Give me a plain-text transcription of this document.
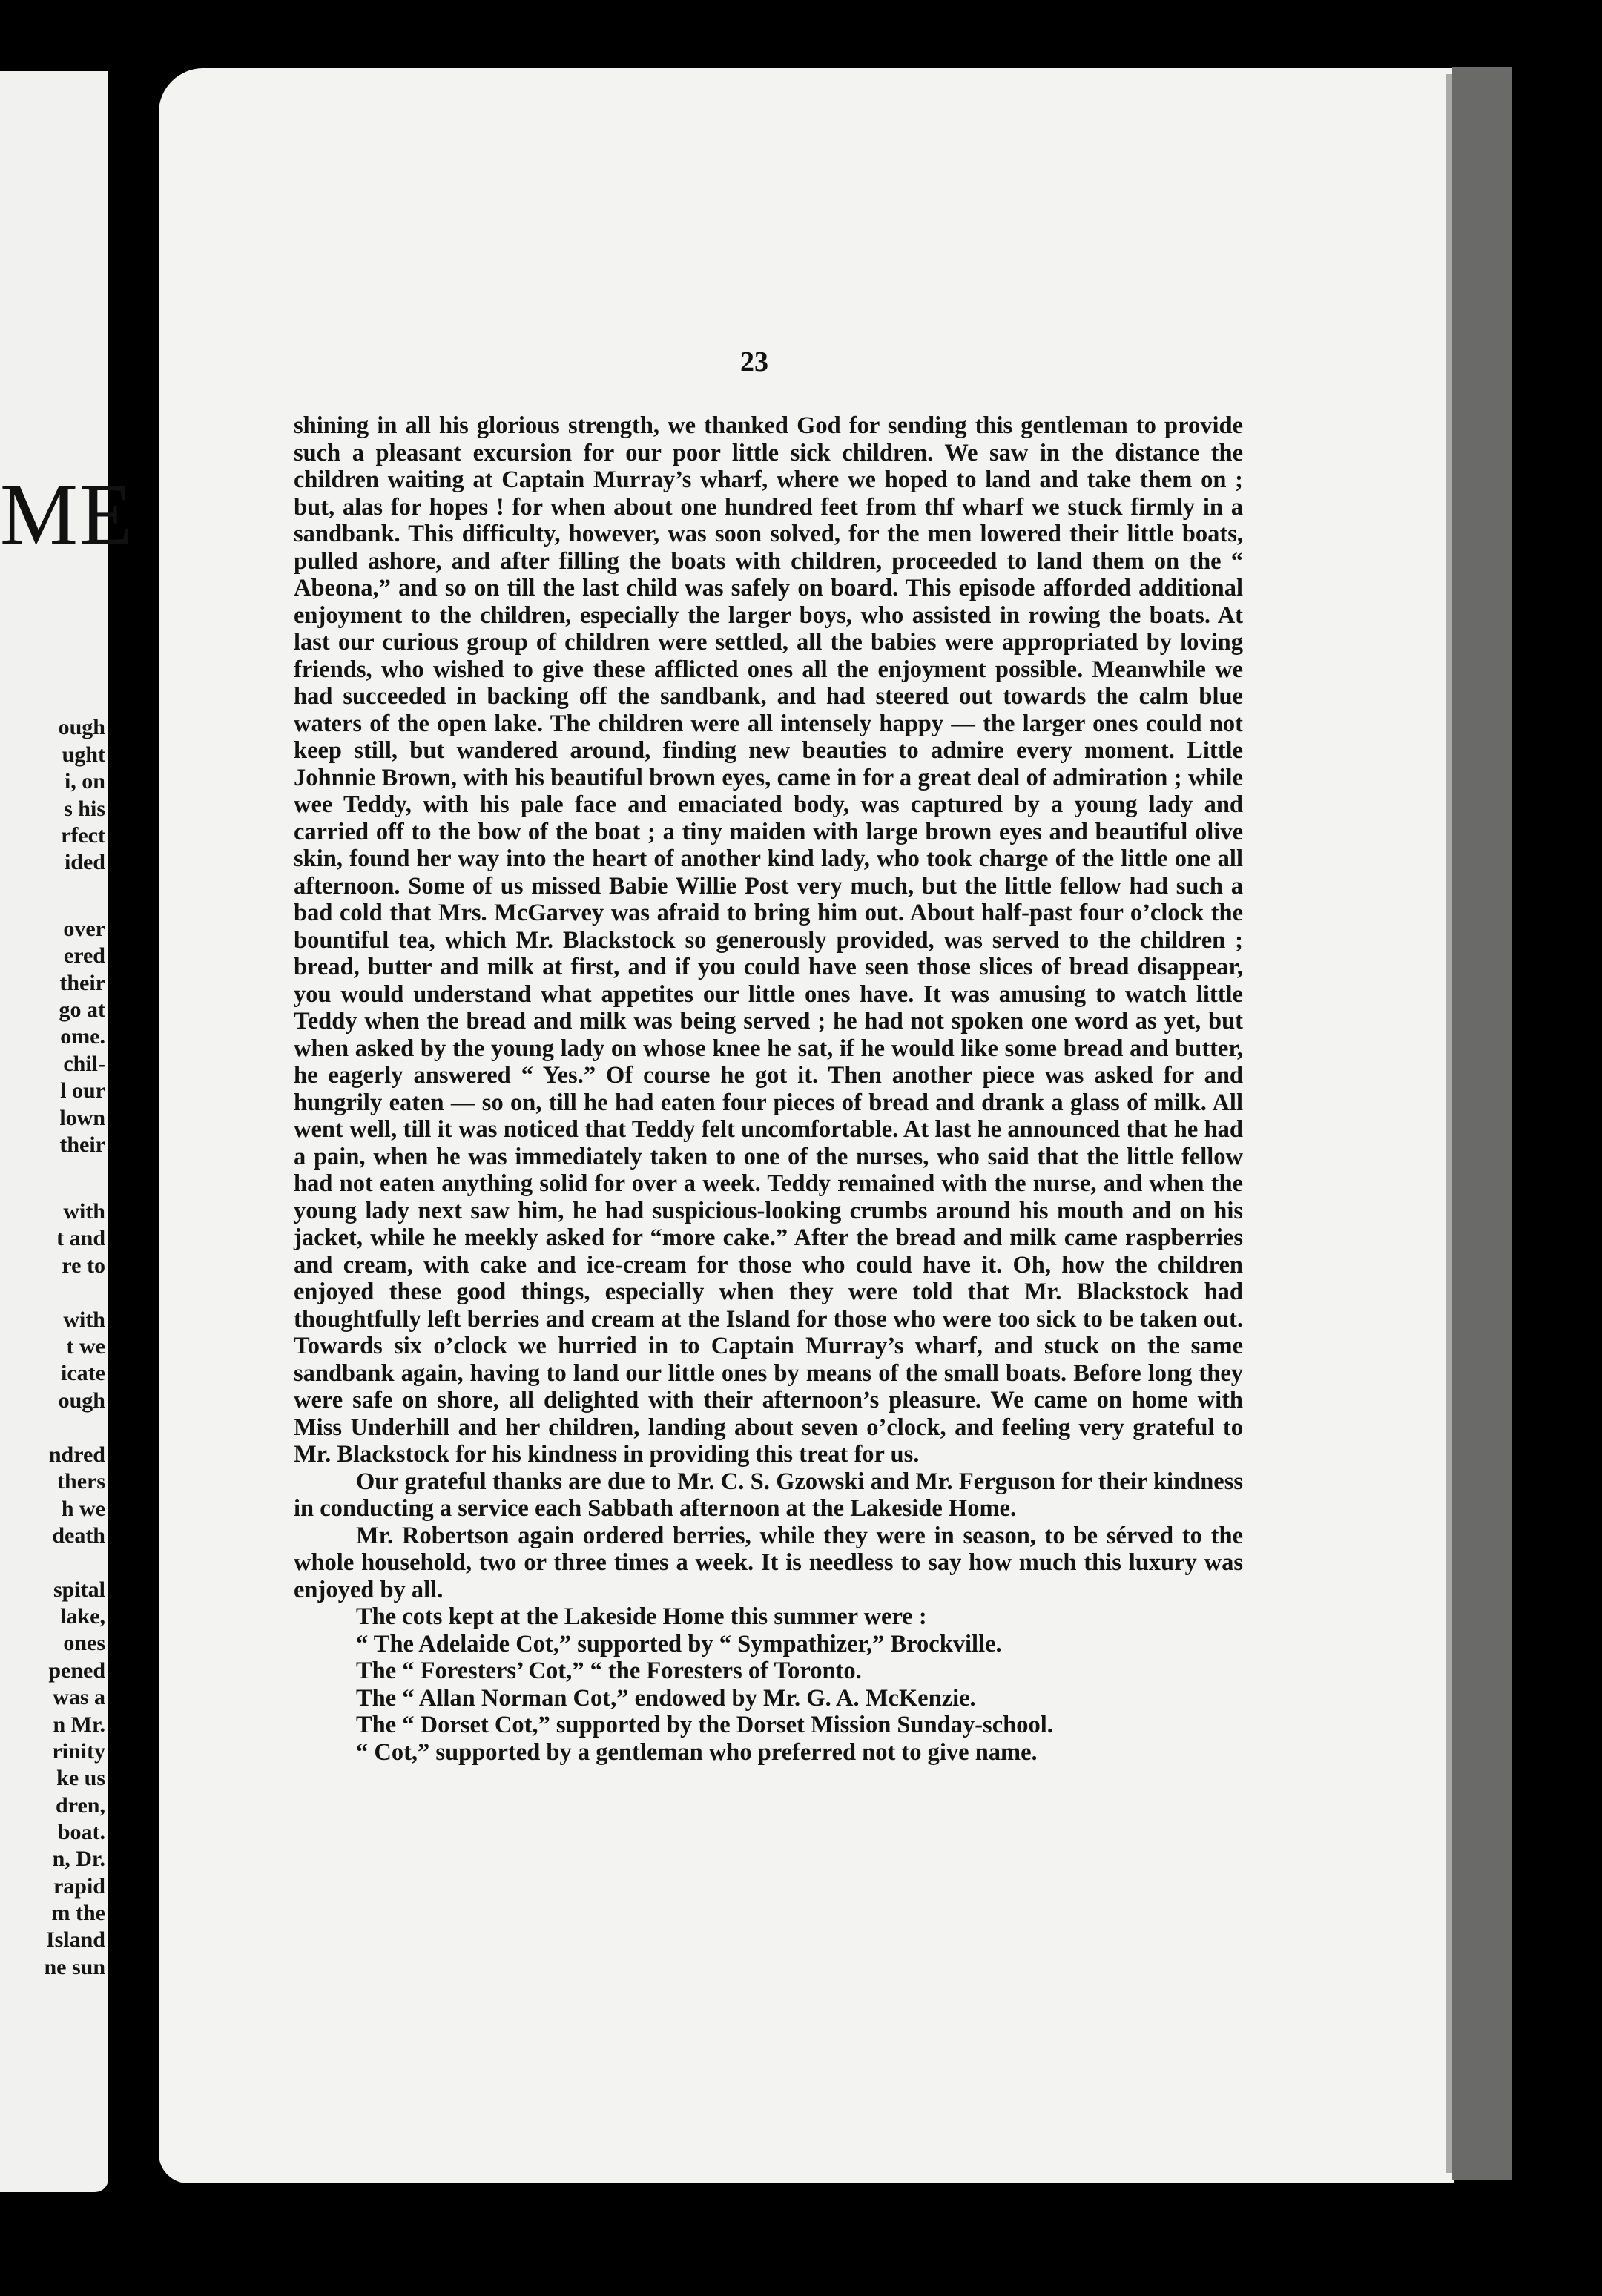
ME
ough
ught
i, on
s his
rfect
ided
over
ered
their
go at
ome.
chil-
l our
lown
their
with
t and
re to
with
t we
icate
ough
ndred
thers
h we
death
spital
lake,
ones
pened
was a
n Mr.
rinity
ke us
dren,
boat.
n, Dr.
rapid
m the
Island
ne sun
23

shining in all his glorious strength, we thanked God for sending this gentleman to provide such a pleasant excursion for our poor little sick children. We saw in the distance the children waiting at Captain Murray’s wharf, where we hoped to land and take them on ; but, alas for hopes ! for when about one hundred feet from thf wharf we stuck firmly in a sandbank. This difficulty, however, was soon solved, for the men lowered their little boats, pulled ashore, and after filling the boats with children, proceeded to land them on the “ Abeona,” and so on till the last child was safely on board. This episode afforded additional enjoyment to the children, especially the larger boys, who assisted in rowing the boats. At last our curious group of children were settled, all the babies were appropriated by loving friends, who wished to give these afflicted ones all the enjoyment possible. Meanwhile we had succeeded in backing off the sandbank, and had steered out towards the calm blue waters of the open lake. The children were all intensely happy — the larger ones could not keep still, but wandered around, finding new beauties to admire every moment. Little Johnnie Brown, with his beautiful brown eyes, came in for a great deal of admiration ; while wee Teddy, with his pale face and emaciated body, was captured by a young lady and carried off to the bow of the boat ; a tiny maiden with large brown eyes and beautiful olive skin, found her way into the heart of another kind lady, who took charge of the little one all afternoon. Some of us missed Babie Willie Post very much, but the little fellow had such a bad cold that Mrs. McGarvey was afraid to bring him out. About half-past four o’clock the bountiful tea, which Mr. Blackstock so generously provided, was served to the children ; bread, butter and milk at first, and if you could have seen those slices of bread disappear, you would understand what appetites our little ones have. It was amusing to watch little Teddy when the bread and milk was being served ; he had not spoken one word as yet, but when asked by the young lady on whose knee he sat, if he would like some bread and butter, he eagerly answered “ Yes.” Of course he got it. Then another piece was asked for and hungrily eaten — so on, till he had eaten four pieces of bread and drank a glass of milk. All went well, till it was noticed that Teddy felt uncomfortable. At last he announced that he had a pain, when he was immediately taken to one of the nurses, who said that the little fellow had not eaten anything solid for over a week. Teddy remained with the nurse, and when the young lady next saw him, he had suspicious-looking crumbs around his mouth and on his jacket, while he meekly asked for “more cake.” After the bread and milk came raspberries and cream, with cake and ice-cream for those who could have it. Oh, how the children enjoyed these good things, especially when they were told that Mr. Blackstock had thoughtfully left berries and cream at the Island for those who were too sick to be taken out. Towards six o’clock we hurried in to Captain Murray’s wharf, and stuck on the same sandbank again, having to land our little ones by means of the small boats. Before long they were safe on shore, all delighted with their afternoon’s pleasure. We came on home with Miss Underhill and her children, landing about seven o’clock, and feeling very grateful to Mr. Blackstock for his kindness in providing this treat for us.

Our grateful thanks are due to Mr. C. S. Gzowski and Mr. Ferguson for their kindness in conducting a service each Sabbath afternoon at the Lakeside Home.

Mr. Robertson again ordered berries, while they were in season, to be sérved to the whole household, two or three times a week. It is needless to say how much this luxury was enjoyed by all.

The cots kept at the Lakeside Home this summer were :

“ The Adelaide Cot,” supported by “ Sympathizer,” Brockville.
The “ Foresters’ Cot,” “ the Foresters of Toronto.
The “ Allan Norman Cot,” endowed by Mr. G. A. McKenzie.
The “ Dorset Cot,” supported by the Dorset Mission Sunday-school.
“ Cot,” supported by a gentleman who preferred not to give name.
